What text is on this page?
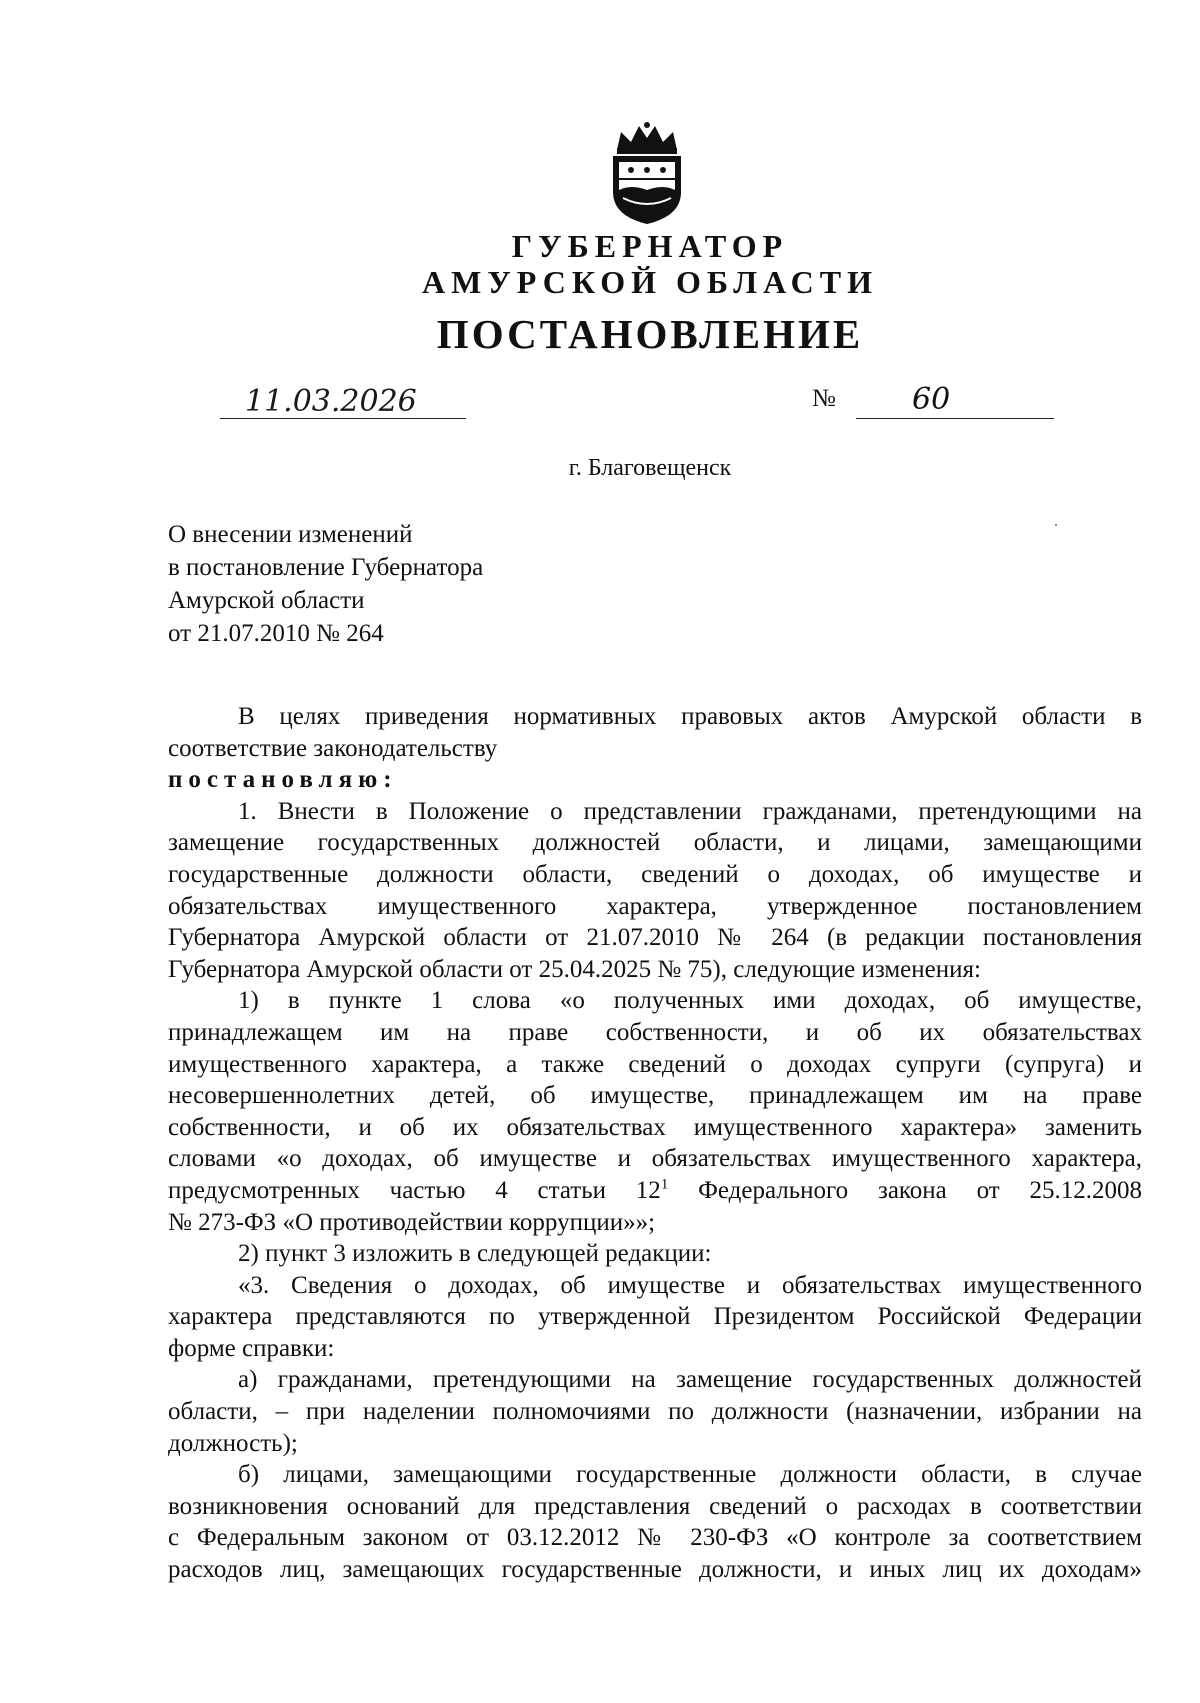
ГУБЕРНАТОР
АМУРСКОЙ ОБЛАСТИ
ПОСТАНОВЛЕНИЕ
11.03.2026	№	60
г. Благовещенск
О внесении изменений
в постановление Губернатора
Амурской области
от 21.07.2010 № 264

В целях приведения нормативных правовых актов Амурской области в

соответствие законодательству

постановляю:

1. Внести в Положение о представлении гражданами, претендующими на

замещение государственных должностей области, и лицами, замещающими

государственные должности области, сведений о доходах, об имуществе и

обязательствах имущественного характера, утвержденное постановлением

Губернатора Амурской области от 21.07.2010 № 264 (в редакции постановления

Губернатора Амурской области от 25.04.2025 № 75), следующие изменения:

1) в пункте 1 слова «о полученных ими доходах, об имуществе,

принадлежащем им на праве собственности, и об их обязательствах

имущественного характера, а также сведений о доходах супруги (супруга) и

несовершеннолетних детей, об имуществе, принадлежащем им на праве

собственности, и об их обязательствах имущественного характера» заменить

словами «о доходах, об имуществе и обязательствах имущественного характера,

предусмотренных частью 4 статьи $12^1$ Федерального закона от 25.12.2008

№ 273-ФЗ «О противодействии коррупции»»;

2) пункт 3 изложить в следующей редакции:

«3. Сведения о доходах, об имуществе и обязательствах имущественного

характера представляются по утвержденной Президентом Российской Федерации

форме справки:

а) гражданами, претендующими на замещение государственных должностей

области, – при наделении полномочиями по должности (назначении, избрании на

должность);

б) лицами, замещающими государственные должности области, в случае

возникновения оснований для представления сведений о расходах в соответствии

с Федеральным законом от 03.12.2012 № 230-ФЗ «О контроле за соответствием

расходов лиц, замещающих государственные должности, и иных лиц их доходам»
